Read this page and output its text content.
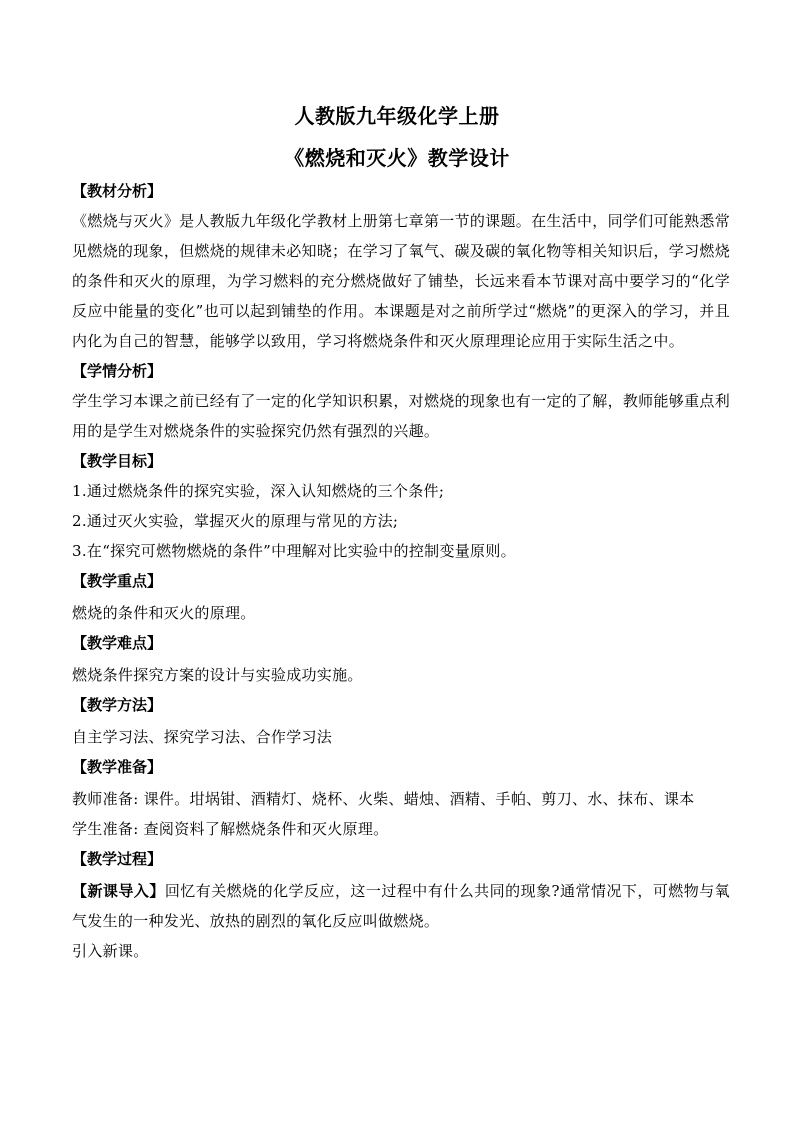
人教版九年级化学上册
《燃烧和灭火》教学设计
【教材分析】
《燃烧与灭火》是人教版九年级化学教材上册第七章第一节的课题。在生活中，同学们可能熟悉常见燃烧的现象，但燃烧的规律未必知晓；在学习了氧气、碳及碳的氧化物等相关知识后，学习燃烧的条件和灭火的原理，为学习燃料的充分燃烧做好了铺垫，长远来看本节课对高中要学习的“化学反应中能量的变化”也可以起到铺垫的作用。本课题是对之前所学过“燃烧”的更深入的学习，并且内化为自己的智慧，能够学以致用，学习将燃烧条件和灭火原理理论应用于实际生活之中。
【学情分析】
学生学习本课之前已经有了一定的化学知识积累，对燃烧的现象也有一定的了解，教师能够重点利用的是学生对燃烧条件的实验探究仍然有强烈的兴趣。
【教学目标】
1.通过燃烧条件的探究实验，深入认知燃烧的三个条件;
2.通过灭火实验，掌握灭火的原理与常见的方法;
3.在“探究可燃物燃烧的条件”中理解对比实验中的控制变量原则。
【教学重点】
燃烧的条件和灭火的原理。
【教学难点】
燃烧条件探究方案的设计与实验成功实施。
【教学方法】
自主学习法、探究学习法、合作学习法
【教学准备】
教师准备: 课件。坩埚钳、酒精灯、烧杯、火柴、蜡烛、酒精、手帕、剪刀、水、抹布、课本
学生准备: 查阅资料了解燃烧条件和灭火原理。
【教学过程】
【新课导入】回忆有关燃烧的化学反应，这一过程中有什么共同的现象?通常情况下，可燃物与氧气发生的一种发光、放热的剧烈的氧化反应叫做燃烧。
引入新课。
